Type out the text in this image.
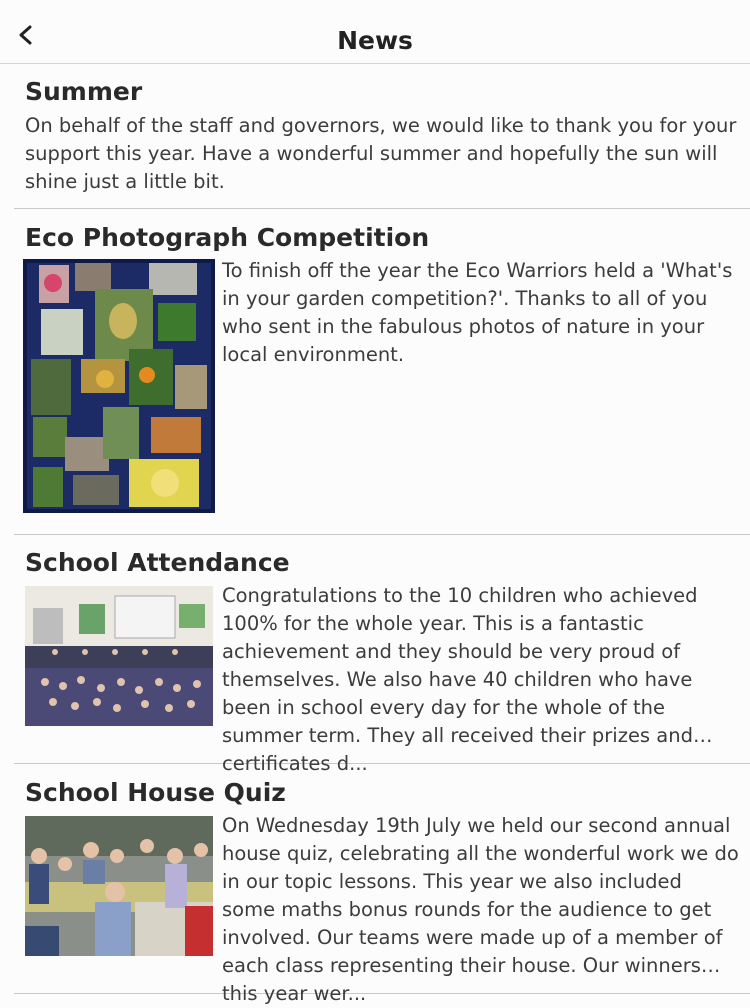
News
Summer
On behalf of the staff and governors, we would like to thank you for your support this year. Have a wonderful summer and hopefully the sun will shine just a little bit.
Eco Photograph Competition
To finish off the year the Eco Warriors held a 'What's in your garden competition?'. Thanks to all of you who sent in the fabulous photos of nature in your local environment.
School Attendance
Congratulations to the 10 children who achieved 100% for the whole year. This is a fantastic achievement and they should be very proud of themselves. We also have 40 children who have been in school every day for the whole of the summer term. They all received their prizes and certificates d...
School House Quiz
On Wednesday 19th July we held our second annual house quiz, celebrating all the wonderful work we do in our topic lessons. This year we also included some maths bonus rounds for the audience to get involved. Our teams were made up of a member of each class representing their house. Our winners this year wer...
